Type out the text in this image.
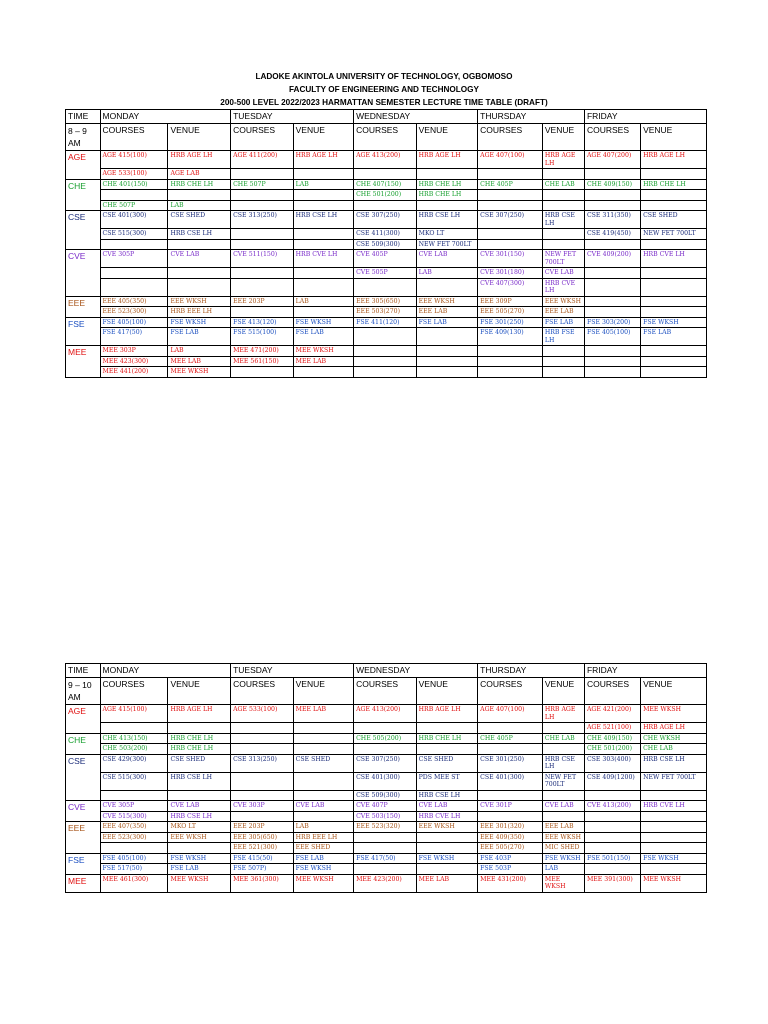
LADOKE AKINTOLA UNIVERSITY OF TECHNOLOGY, OGBOMOSO
FACULTY OF ENGINEERING AND TECHNOLOGY
200-500 LEVEL 2022/2023 HARMATTAN SEMESTER LECTURE TIME TABLE (DRAFT)
TIME	MONDAY		TUESDAY		WEDNESDAY		THURSDAY		FRIDAY	
8 – 9 AM	COURSES	VENUE	COURSES	VENUE	COURSES	VENUE	COURSES	VENUE	COURSES	VENUE
AGE	AGE 415(100)	HRB AGE LH	AGE 411(200)	HRB AGE LH	AGE 413(200)	HRB AGE LH	AGE 407(100)	HRB AGE LH	AGE 407(200)	HRB AGE LH
	AGE 533(100)	AGE LAB								
CHE	CHE 401(150)	HRB CHE LH	CHE 507P	LAB	CHE 407(150)	HRB CHE LH	CHE 405P	CHE LAB	CHE 409(150)	HRB CHE LH
					CHE 501(200)	HRB CHE LH				
	CHE 507P	LAB								
CSE	CSE 401(300)	CSE SHED	CSE 313(250)	HRB CSE LH	CSE 307(250)	HRB CSE LH	CSE 307(250)	HRB CSE LH	CSE 311(350)	CSE SHED
	CSE 515(300)	HRB CSE LH			CSE 411(300)	MKO LT			CSE 419(450)	NEW FET 700LT
					CSE 509(300)	NEW FET 700LT				
CVE	CVE 305P	CVE LAB	CVE 511(150)	HRB CVE LH	CVE 405P	CVE LAB	CVE 301(150)	NEW FET 700LT	CVE 409(200)	HRB CVE LH
					CVE 505P	LAB	CVE 301(180)	CVE LAB		
							CVE 407(300)	HRB CVE LH		
EEE	EEE 405(350)	EEE WKSH	EEE 203P	LAB	EEE 305(650)	EEE WKSH	EEE 309P	EEE WKSH		
	EEE 523(300)	HRB EEE LH			EEE 503(270)	EEE LAB	EEE 505(270)	EEE LAB		
FSE	FSE 405(100)	FSE WKSH	FSE 413(120)	FSE WKSH	FSE 411(120)	FSE LAB	FSE 301(250)	FSE LAB	FSE 303(200)	FSE WKSH
	FSE 417(50)	FSE LAB	FSE 515(100)	FSE LAB			FSE 409(130)	HRB FSE LH	FSE 405(100)	FSE LAB
MEE	MEE 303P	LAB	MEE 471(200)	MEE WKSH						
	MEE 423(300)	MEE LAB	MEE 561(150)	MEE LAB						
	MEE 441(200)	MEE WKSH								
TIME	MONDAY		TUESDAY		WEDNESDAY		THURSDAY		FRIDAY	
9 – 10 AM	COURSES	VENUE	COURSES	VENUE	COURSES	VENUE	COURSES	VENUE	COURSES	VENUE
AGE	AGE 415(100)	HRB AGE LH	AGE 533(100)	MEE LAB	AGE 413(200)	HRB AGE LH	AGE 407(100)	HRB AGE LH	AGE 421(200)	MEE WKSH
									AGE 521(100)	HRB AGE LH
CHE	CHE 413(150)	HRB CHE LH			CHE 505(200)	HRB CHE LH	CHE 405P	CHE LAB	CHE 409(150)	CHE WKSH
	CHE 503(200)	HRB CHE LH							CHE 501(200)	CHE LAB
CSE	CSE 429(300)	CSE SHED	CSE 313(250)	CSE SHED	CSE 307(250)	CSE SHED	CSE 301(250)	HRB CSE LH	CSE 303(400)	HRB CSE LH
	CSE 515(300)	HRB CSE LH			CSE 401(300)	PDS MEE ST	CSE 401(300)	NEW FET 700LT	CSE 409(1200)	NEW FET 700LT
					CSE 509(300)	HRB CSE LH				
CVE	CVE 305P	CVE LAB	CVE 303P	CVE LAB	CVE 407P	CVE LAB	CVE 301P	CVE LAB	CVE 413(200)	HRB CVE LH
	CVE 515(300)	HRB CSE LH			CVE 503(150)	HRB CVE LH				
EEE	EEE 407(350)	MKO LT	EEE 203P	LAB	EEE 523(320)	EEE WKSH	EEE 301(320)	EEE LAB		
	EEE 523(300)	EEE WKSH	EEE 305(650)	HRB EEE LH			EEE 409(350)	EEE WKSH		
			EEE 521(300)	EEE SHED			EEE 505(270)	MIC SHED		
FSE	FSE 405(100)	FSE WKSH	FSE 415(50)	FSE LAB	FSE 417(50)	FSE WKSH	FSE 403P	FSE WKSH	FSE 501(150)	FSE WKSH
	FSE 517(50)	FSE LAB	FSE 507P)	FSE WKSH			FSE 503P	LAB		
MEE	MEE 461(300)	MEE WKSH	MEE 361(300)	MEE WKSH	MEE 423(200)	MEE LAB	MEE 431(200)	MEE WKSH	MEE 391(300)	MEE WKSH
